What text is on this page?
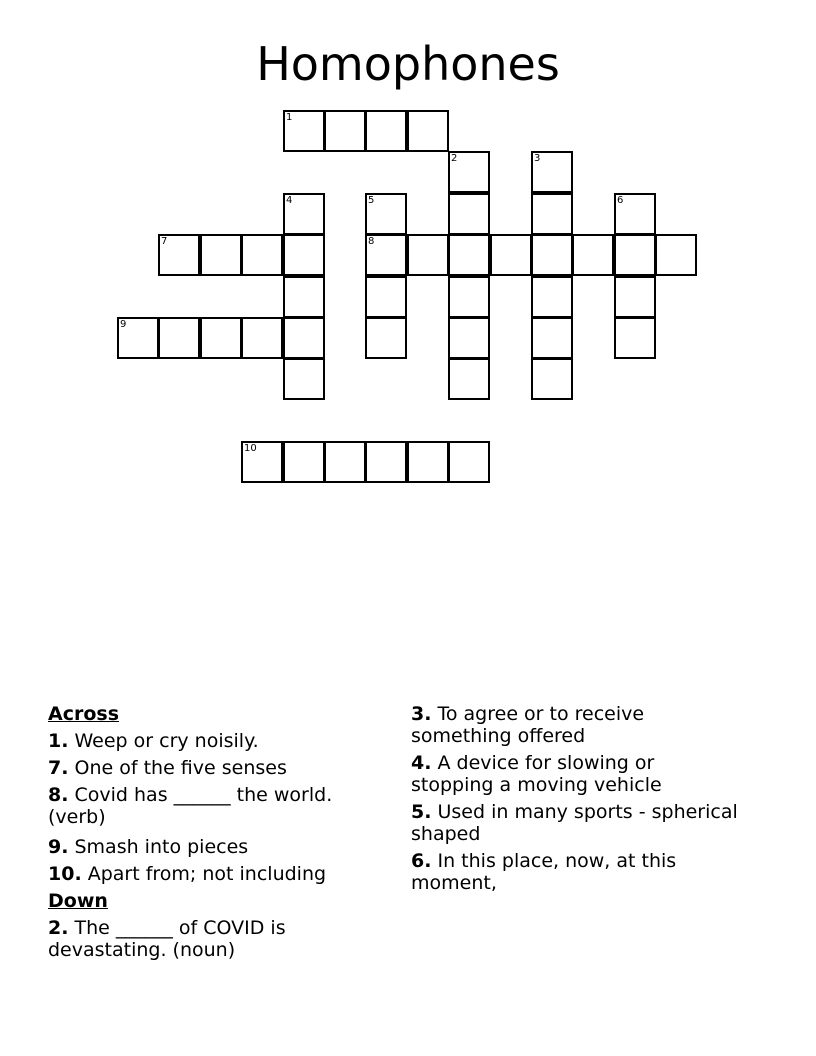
Homophones
1
2	3
4	5	6
7	8
9
10
Across
1. Weep or cry noisily.
7. One of the five senses
8. Covid has ______ the world. (verb)
9. Smash into pieces
10. Apart from; not including
Down
2. The ______ of COVID is devastating. (noun)
3. To agree or to receive something offered
4. A device for slowing or stopping a moving vehicle
5. Used in many sports - spherical shaped
6. In this place, now, at this moment,
